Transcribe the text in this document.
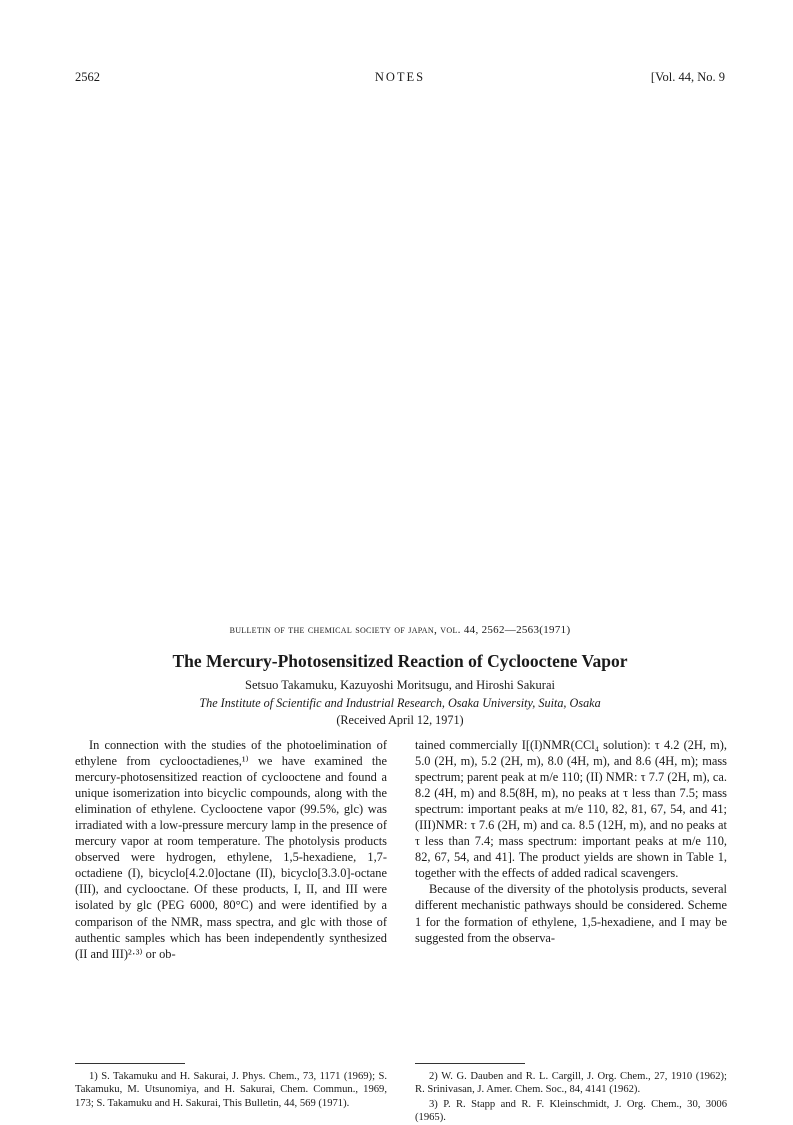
2562	NOTES	[Vol. 44, No. 9
bulletin of the chemical society of japan, vol. 44, 2562—2563(1971)
The Mercury-Photosensitized Reaction of Cyclooctene Vapor
Setsuo Takamuku, Kazuyoshi Moritsugu, and Hiroshi Sakurai
The Institute of Scientific and Industrial Research, Osaka University, Suita, Osaka
(Received April 12, 1971)

In connection with the studies of the photoelimination of ethylene from cyclooctadienes,¹⁾ we have examined the mercury-photosensitized reaction of cyclooctene and found a unique isomerization into bicyclic compounds, along with the elimination of ethylene. Cyclooctene vapor (99.5%, glc) was irradiated with a low-pressure mercury lamp in the presence of mercury vapor at room temperature. The photolysis products observed were hydrogen, ethylene, 1,5-hexadiene, 1,7-octadiene (I), bicyclo[4.2.0]octane (II), bicyclo[3.3.0]-octane (III), and cyclooctane. Of these products, I, II, and III were isolated by glc (PEG 6000, 80°C) and were identified by a comparison of the NMR, mass spectra, and glc with those of authentic samples which has been independently synthesized (II and III)²·³⁾ or ob-

tained commercially I[(I)NMR(CCl₄ solution): τ 4.2 (2H, m), 5.0 (2H, m), 5.2 (2H, m), 8.0 (4H, m), and 8.6 (4H, m); mass spectrum; parent peak at m/e 110; (II) NMR: τ 7.7 (2H, m), ca. 8.2 (4H, m) and 8.5(8H, m), no peaks at τ less than 7.5; mass spectrum: important peaks at m/e 110, 82, 81, 67, 54, and 41; (III)NMR: τ 7.6 (2H, m) and ca. 8.5 (12H, m), and no peaks at τ less than 7.4; mass spectrum: important peaks at m/e 110, 82, 67, 54, and 41]. The product yields are shown in Table 1, together with the effects of added radical scavengers.

Because of the diversity of the photolysis products, several different mechanistic pathways should be considered. Scheme 1 for the formation of ethylene, 1,5-hexadiene, and I may be suggested from the observa-

1) S. Takamuku and H. Sakurai, J. Phys. Chem., 73, 1171 (1969); S. Takamuku, M. Utsunomiya, and H. Sakurai, Chem. Commun., 1969, 173; S. Takamuku and H. Sakurai, This Bulletin, 44, 569 (1971).

2) W. G. Dauben and R. L. Cargill, J. Org. Chem., 27, 1910 (1962); R. Srinivasan, J. Amer. Chem. Soc., 84, 4141 (1962).

3) P. R. Stapp and R. F. Kleinschmidt, J. Org. Chem., 30, 3006 (1965).
